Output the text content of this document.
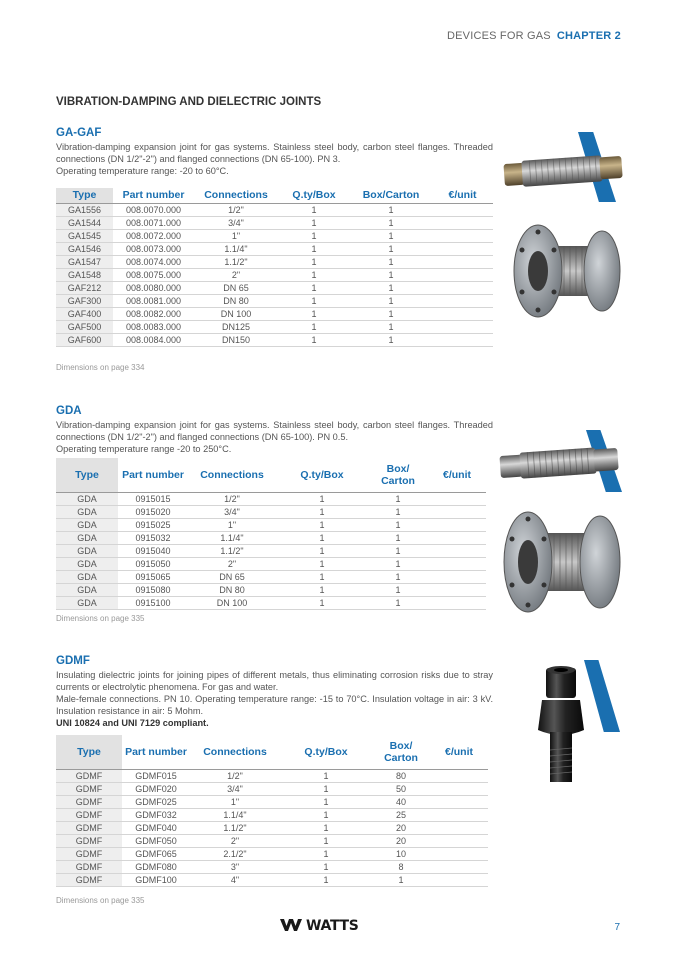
DEVICES FOR GAS CHAPTER 2
VIBRATION-DAMPING AND DIELECTRIC JOINTS
GA-GAF
Vibration-damping expansion joint for gas systems. Stainless steel body, carbon steel flanges. Threaded connections (DN 1/2"-2") and flanged connections (DN 65-100). PN 3.
Operating temperature range: -20 to 60°C.
Type	Part number	Connections	Q.ty/Box	Box/Carton	€/unit
GA1556	008.0070.000	1/2"	1	1	
GA1544	008.0071.000	3/4"	1	1	
GA1545	008.0072.000	1"	1	1	
GA1546	008.0073.000	1.1/4"	1	1	
GA1547	008.0074.000	1.1/2"	1	1	
GA1548	008.0075.000	2"	1	1	
GAF212	008.0080.000	DN 65	1	1	
GAF300	008.0081.000	DN 80	1	1	
GAF400	008.0082.000	DN 100	1	1	
GAF500	008.0083.000	DN125	1	1	
GAF600	008.0084.000	DN150	1	1	
Dimensions on page 334
GDA
Vibration-damping expansion joint for gas systems. Stainless steel body, carbon steel flanges. Threaded connections (DN 1/2"-2") and flanged connections (DN 65-100). PN 0.5.
Operating temperature range -20 to 250°C.
Type	Part number	Connections	Q.ty/Box	Box/
Carton	€/unit
GDA	0915015	1/2"	1	1	
GDA	0915020	3/4"	1	1	
GDA	0915025	1"	1	1	
GDA	0915032	1.1/4"	1	1	
GDA	0915040	1.1/2"	1	1	
GDA	0915050	2"	1	1	
GDA	0915065	DN 65	1	1	
GDA	0915080	DN 80	1	1	
GDA	0915100	DN 100	1	1	
Dimensions on page 335
GDMF
Insulating dielectric joints for joining pipes of different metals, thus eliminating corrosion risks due to stray currents or electrolytic phenomena. For gas and water.
Male-female connections. PN 10. Operating temperature range: -15 to 70°C. Insulation voltage in air: 3 kV. Insulation resistance in air: 5 Mohm.
UNI 10824 and UNI 7129 compliant.
Type	Part number	Connections	Q.ty/Box	Box/
Carton	€/unit
GDMF	GDMF015	1/2"	1	80	
GDMF	GDMF020	3/4"	1	50	
GDMF	GDMF025	1"	1	40	
GDMF	GDMF032	1.1/4"	1	25	
GDMF	GDMF040	1.1/2"	1	20	
GDMF	GDMF050	2"	1	20	
GDMF	GDMF065	2.1/2"	1	10	
GDMF	GDMF080	3"	1	8	
GDMF	GDMF100	4"	1	1	
Dimensions on page 335
WATTS	7
